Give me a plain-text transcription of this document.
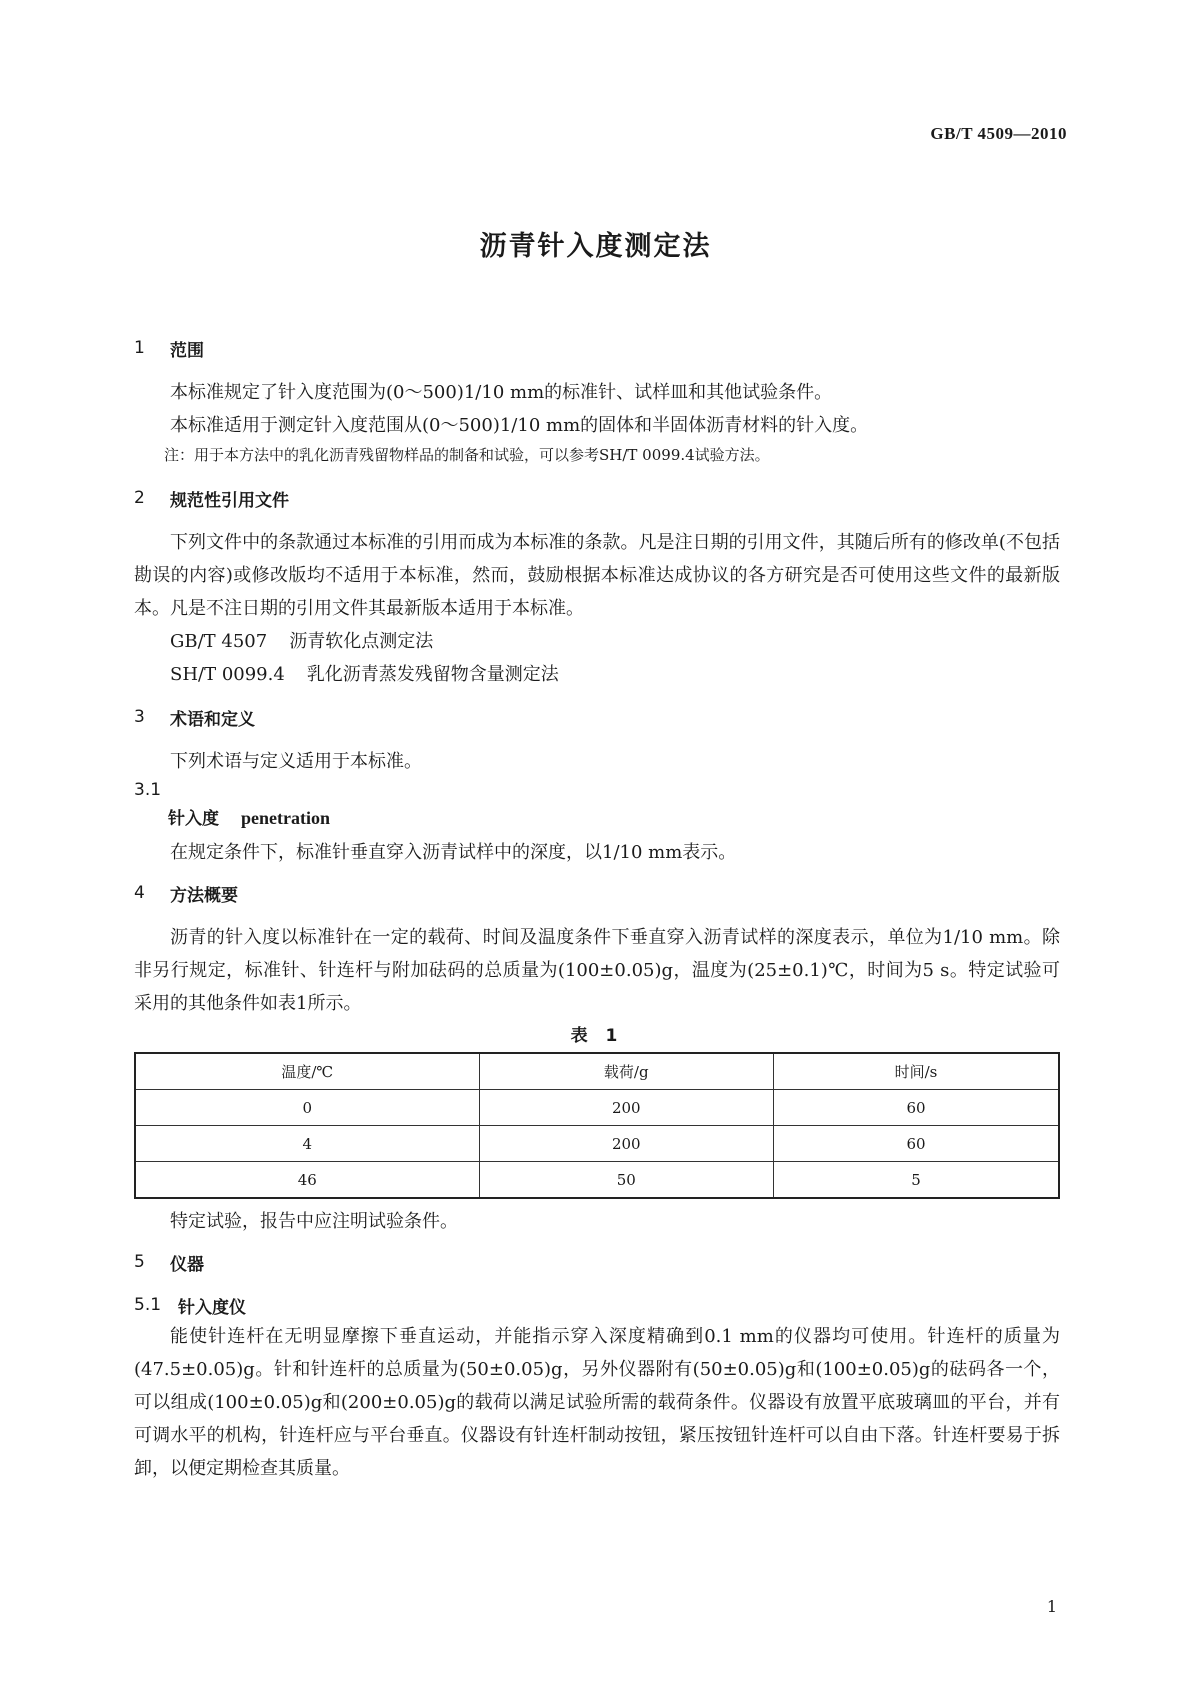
GB/T 4509—2010
沥青针入度测定法
1	范围

本标准规定了针入度范围为(0～500)1/10 mm的标准针、试样皿和其他试验条件。

本标准适用于测定针入度范围从(0～500)1/10 mm的固体和半固体沥青材料的针入度。

注：用于本方法中的乳化沥青残留物样品的制备和试验，可以参考SH/T 0099.4试验方法。

2	规范性引用文件

下列文件中的条款通过本标准的引用而成为本标准的条款。凡是注日期的引用文件，其随后所有的修改单(不包括勘误的内容)或修改版均不适用于本标准，然而，鼓励根据本标准达成协议的各方研究是否可使用这些文件的最新版本。凡是不注日期的引用文件其最新版本适用于本标准。

GB/T 4507 沥青软化点测定法

SH/T 0099.4 乳化沥青蒸发残留物含量测定法

3	术语和定义

下列术语与定义适用于本标准。

3.1
针入度 penetration

在规定条件下，标准针垂直穿入沥青试样中的深度，以1/10 mm表示。

4	方法概要

沥青的针入度以标准针在一定的载荷、时间及温度条件下垂直穿入沥青试样的深度表示，单位为1/10 mm。除非另行规定，标准针、针连杆与附加砝码的总质量为(100±0.05)g，温度为(25±0.1)℃，时间为5 s。特定试验可采用的其他条件如表1所示。

表 1
温度/℃	载荷/g	时间/s
0	200	60
4	200	60
46	50	5

特定试验，报告中应注明试验条件。

5	仪器
5.1 针入度仪

能使针连杆在无明显摩擦下垂直运动，并能指示穿入深度精确到0.1 mm的仪器均可使用。针连杆的质量为(47.5±0.05)g。针和针连杆的总质量为(50±0.05)g，另外仪器附有(50±0.05)g和(100±0.05)g的砝码各一个，可以组成(100±0.05)g和(200±0.05)g的载荷以满足试验所需的载荷条件。仪器设有放置平底玻璃皿的平台，并有可调水平的机构，针连杆应与平台垂直。仪器设有针连杆制动按钮，紧压按钮针连杆可以自由下落。针连杆要易于拆卸，以便定期检查其质量。

1
